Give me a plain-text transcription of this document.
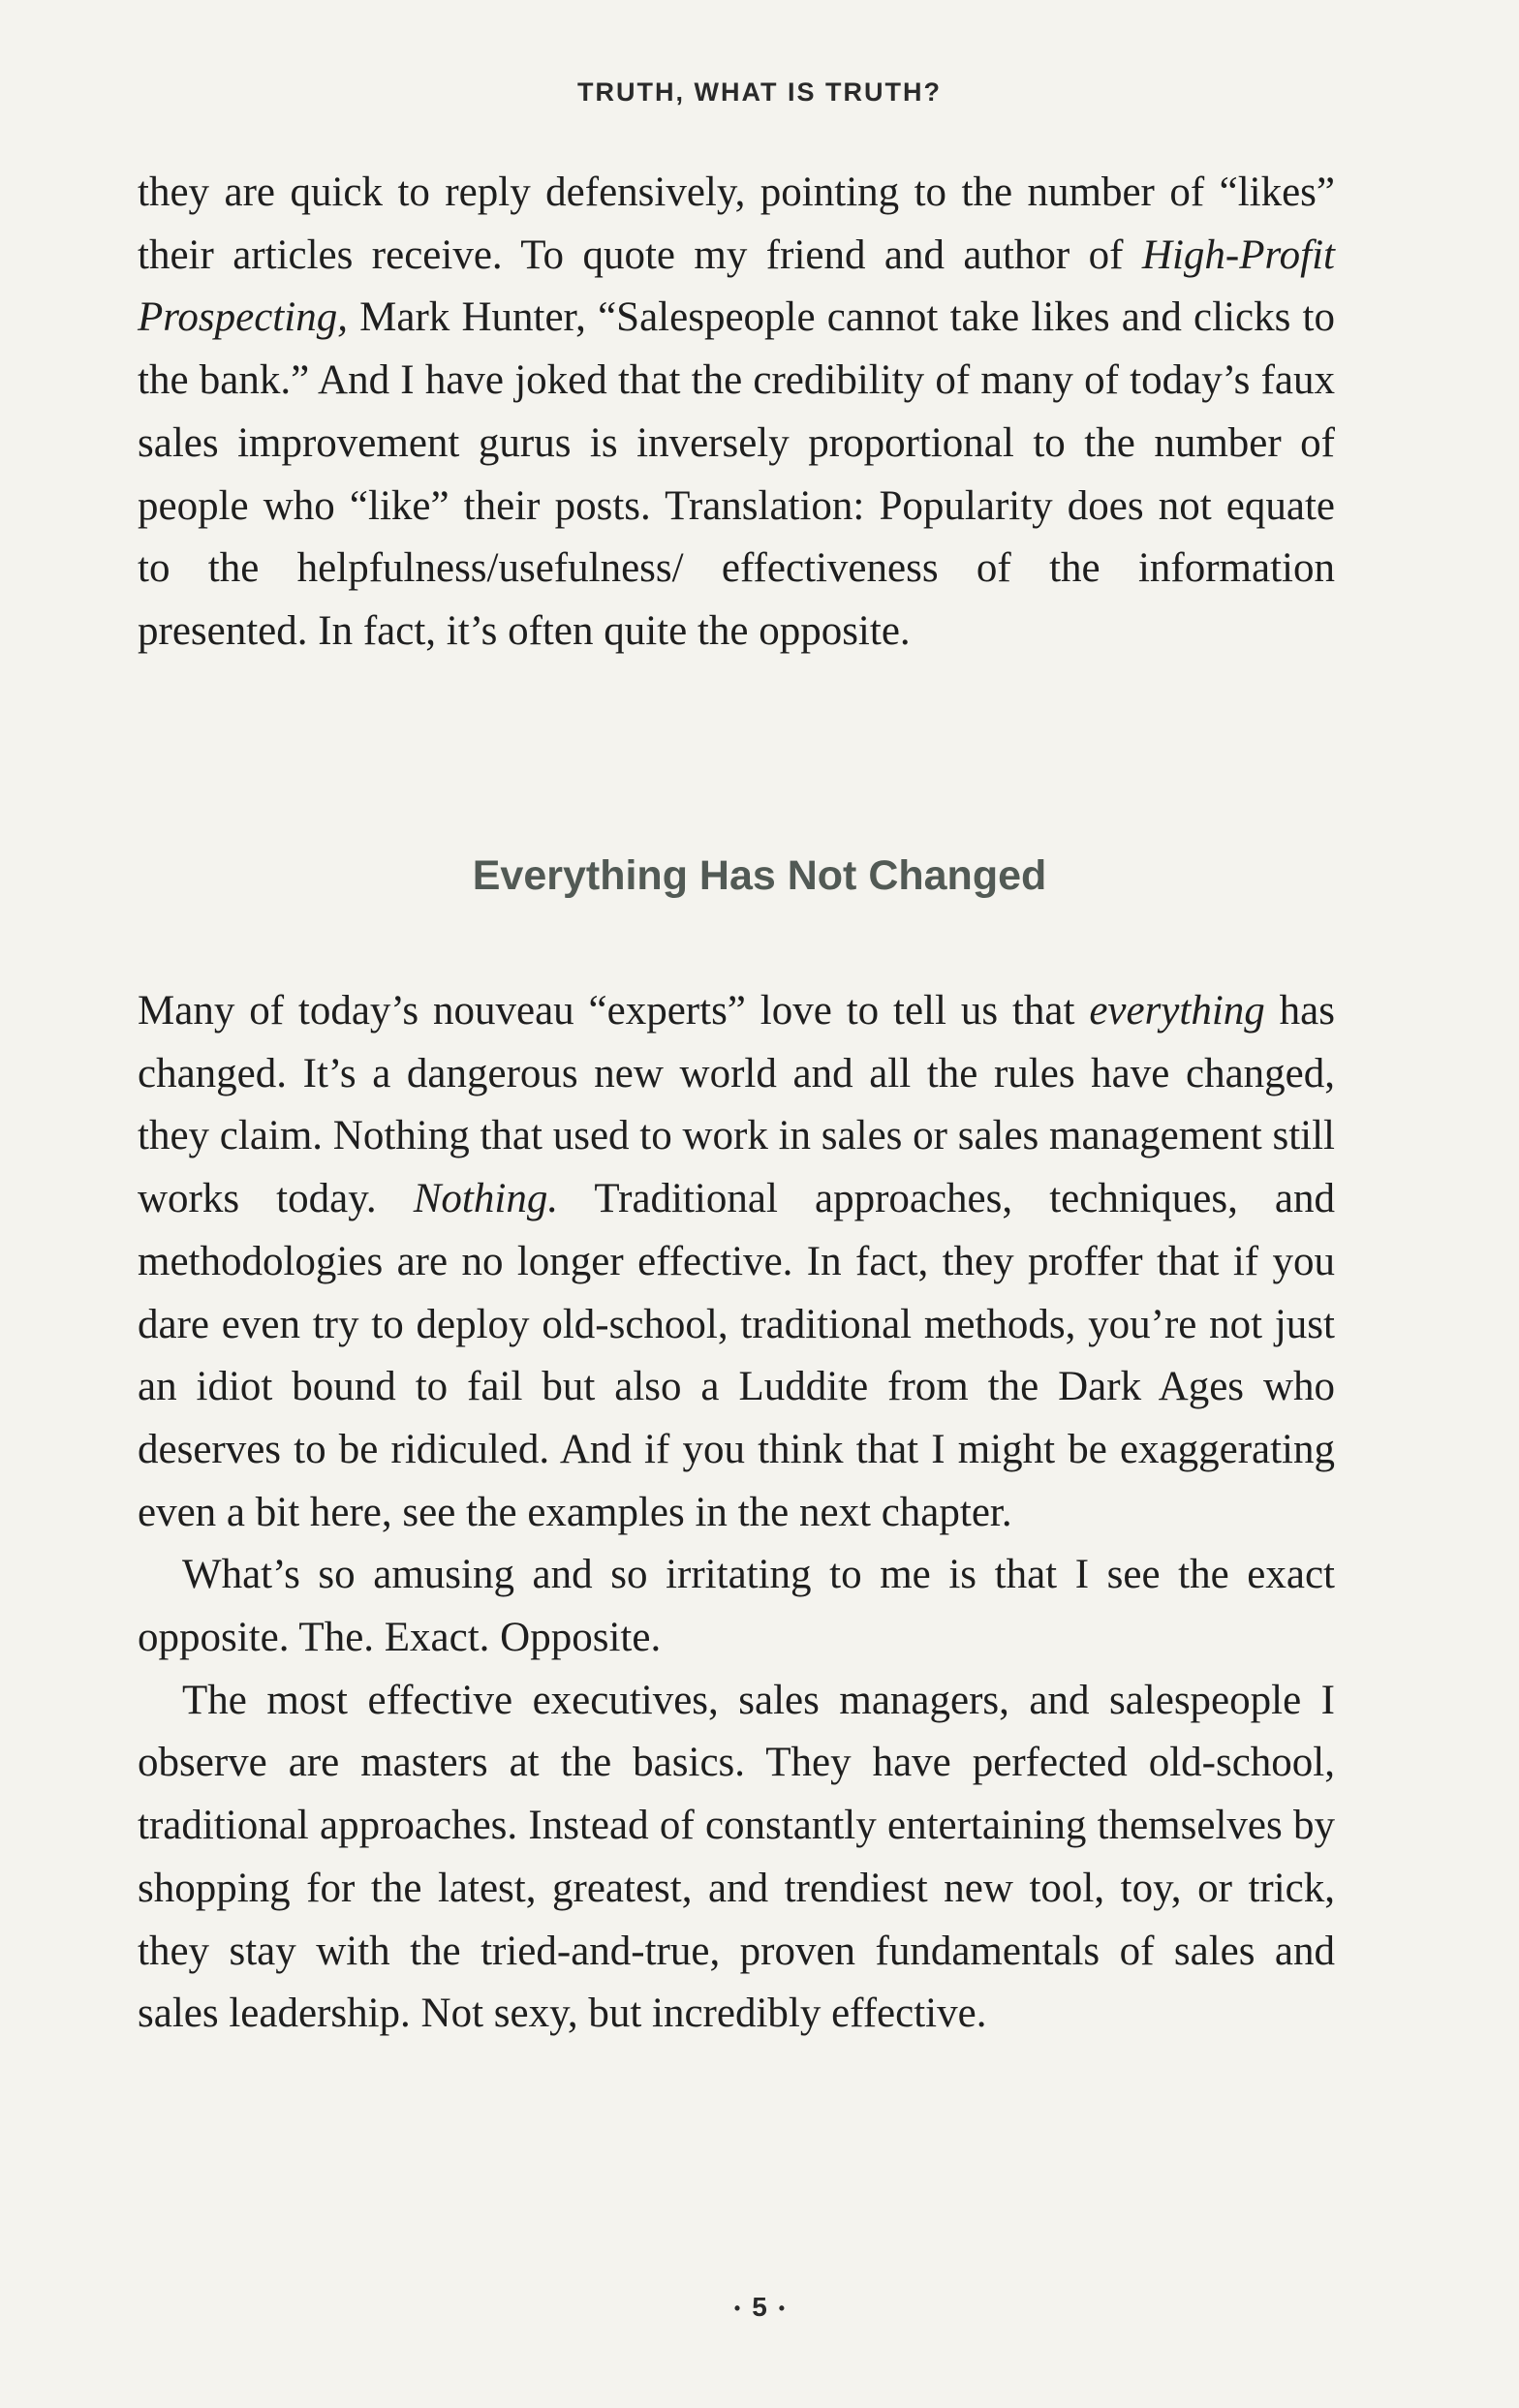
TRUTH, WHAT IS TRUTH?

they are quick to reply defensively, pointing to the number of “likes” their articles receive. To quote my friend and author of High-Profit Prospecting, Mark Hunter, “Salespeople cannot take likes and clicks to the bank.” And I have joked that the credibility of many of today’s faux sales improvement gurus is inversely proportional to the number of people who “like” their posts. Translation: Popularity does not equate to the helpfulness/usefulness/ effectiveness of the information presented. In fact, it’s often quite the opposite.

Everything Has Not Changed

Many of today’s nouveau “experts” love to tell us that everything has changed. It’s a dangerous new world and all the rules have changed, they claim. Nothing that used to work in sales or sales management still works today. Nothing. Traditional approaches, techniques, and methodologies are no longer effective. In fact, they proffer that if you dare even try to deploy old-school, traditional methods, you’re not just an idiot bound to fail but also a Luddite from the Dark Ages who deserves to be ridiculed. And if you think that I might be exaggerating even a bit here, see the examples in the next chapter.

What’s so amusing and so irritating to me is that I see the exact opposite. The. Exact. Opposite.

The most effective executives, sales managers, and salespeople I observe are masters at the basics. They have perfected old-school, traditional approaches. Instead of constantly entertaining themselves by shopping for the latest, greatest, and trendiest new tool, toy, or trick, they stay with the tried-and-true, proven fundamentals of sales and sales leadership. Not sexy, but incredibly effective.

• 5 •
